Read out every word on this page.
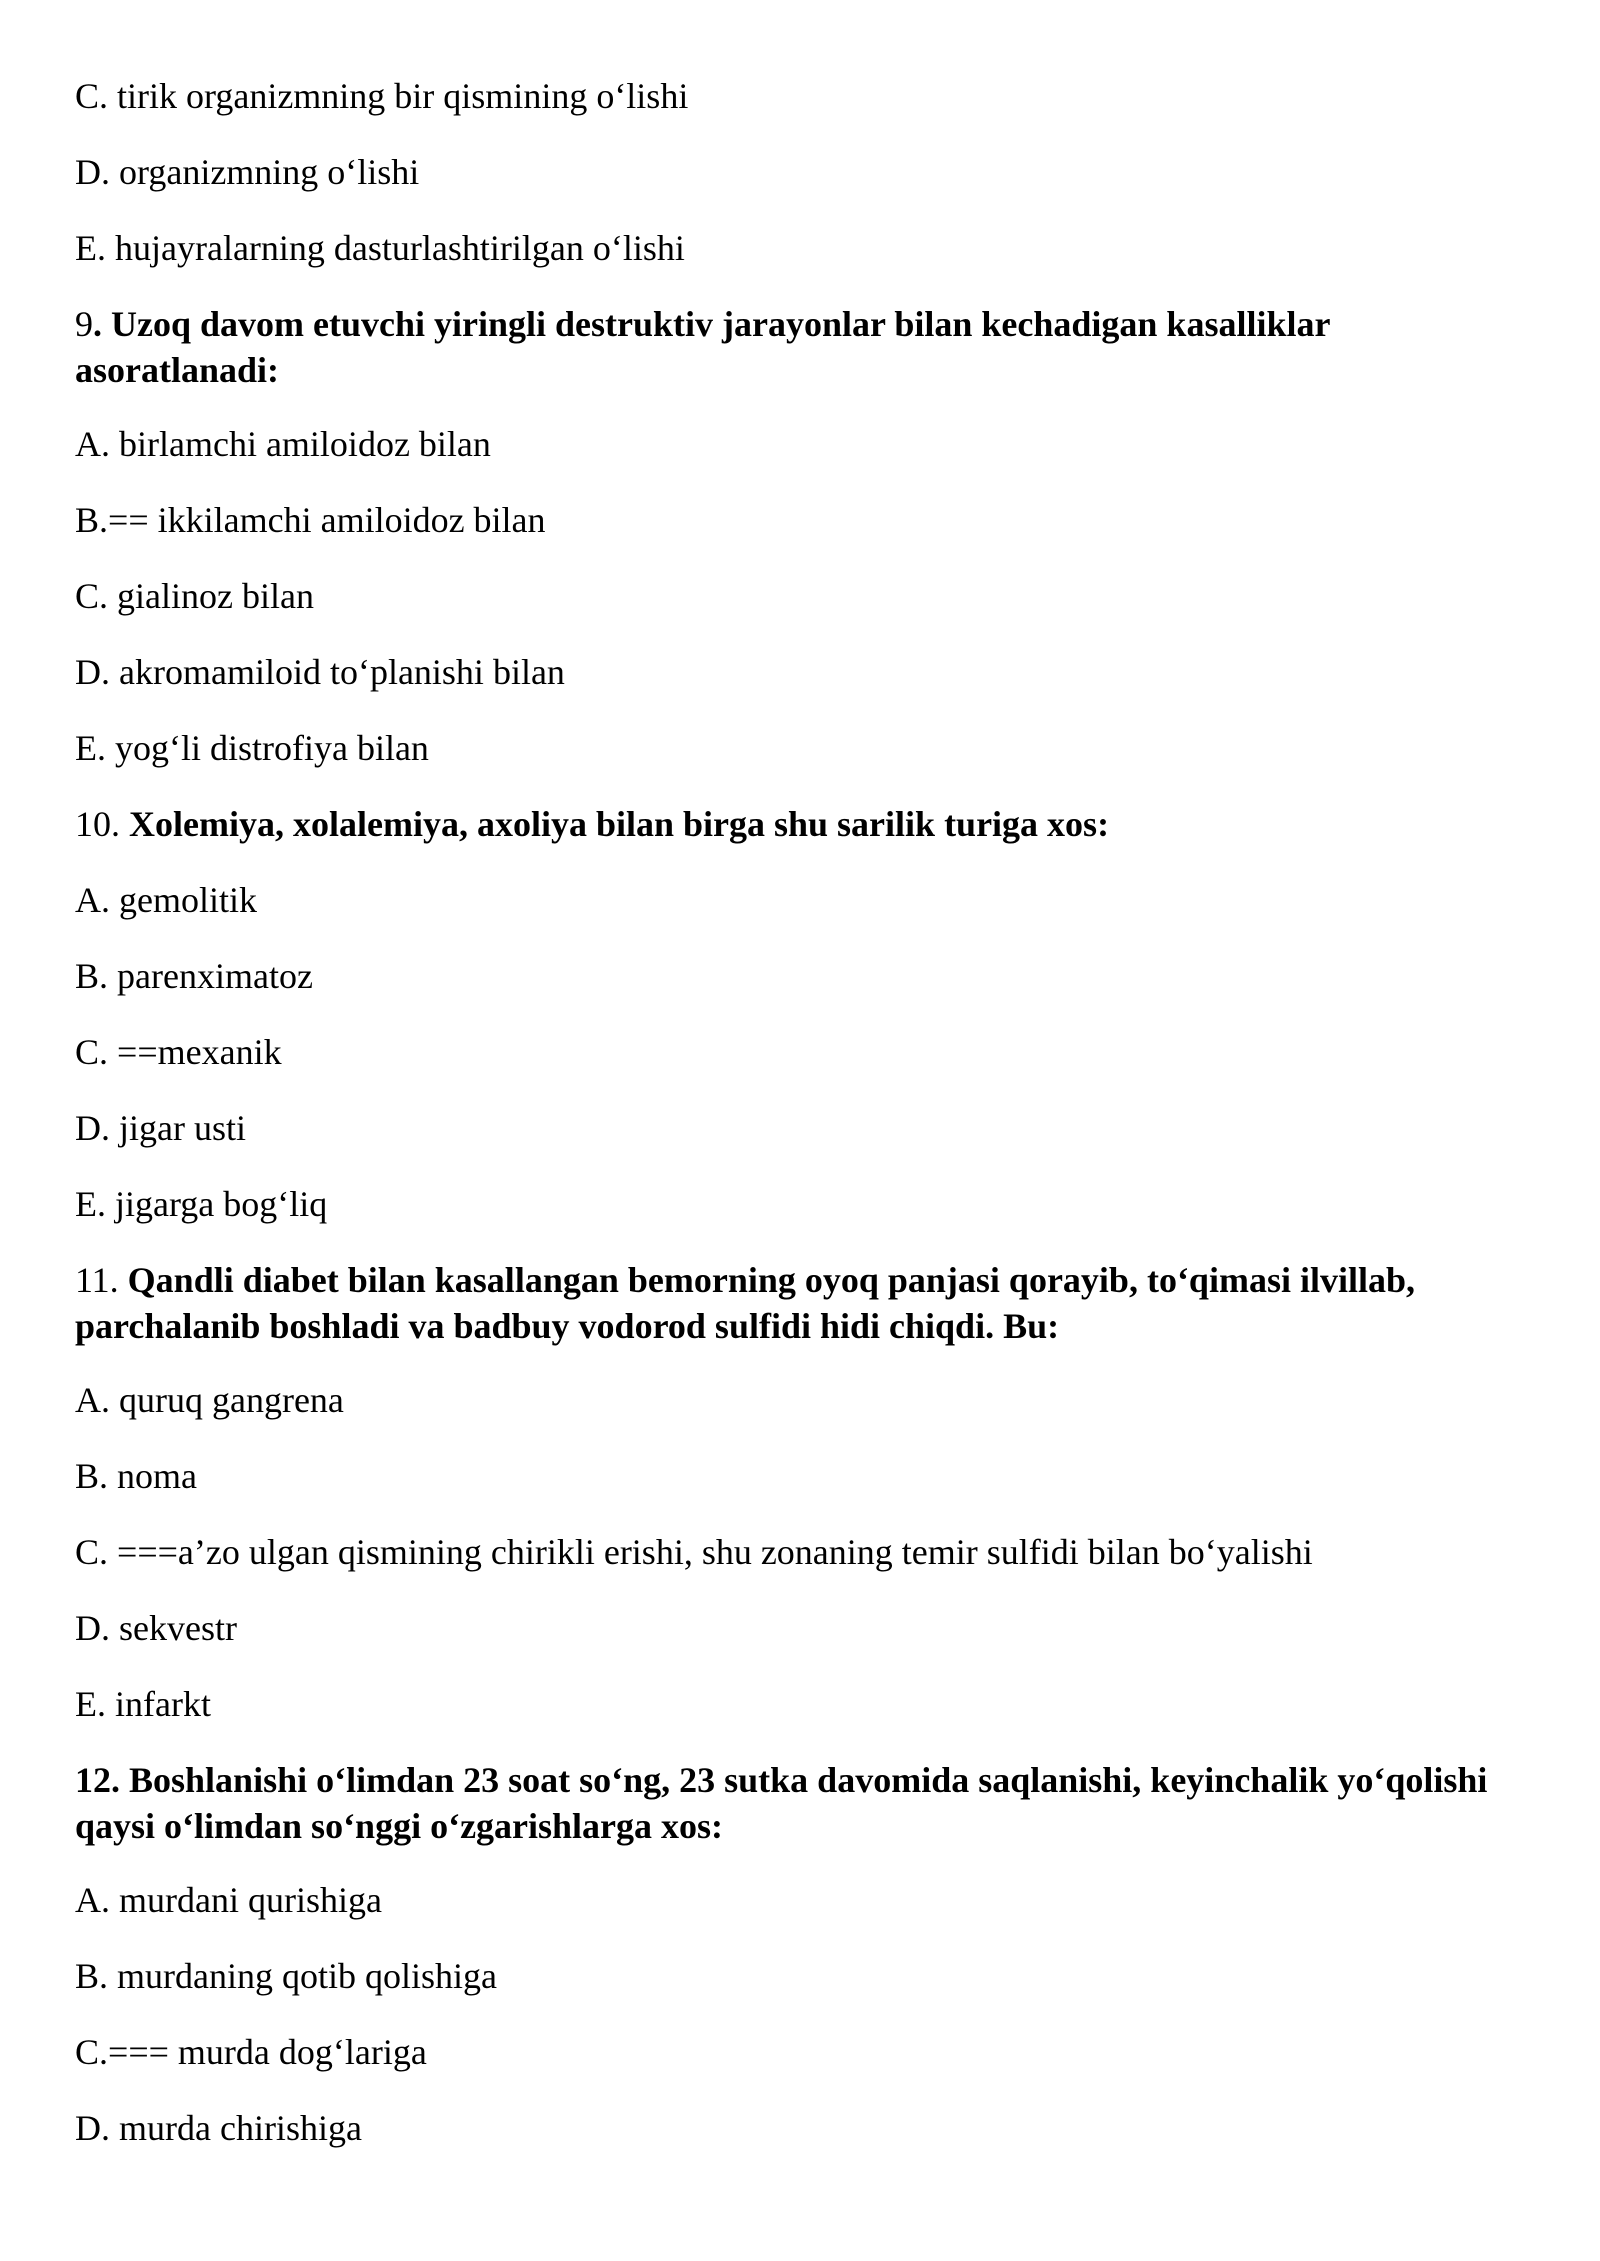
C. tirik organizmning bir qismining o‘lishi
D. organizmning o‘lishi
E. hujayralarning dasturlashtirilgan o‘lishi
9. Uzoq davom etuvchi yiringli destruktiv jarayonlar bilan kechadigan kasalliklar asoratlanadi:
A. birlamchi amiloidoz bilan
B.== ikkilamchi amiloidoz bilan
C. gialinoz bilan
D. akromamiloid to‘planishi bilan
E. yog‘li distrofiya bilan
10. Xolemiya, xolalemiya, axoliya bilan birga shu sarilik turiga xos:
A. gemolitik
B. parenximatoz
C. ==mexanik
D. jigar usti
E. jigarga bog‘liq
11. Qandli diabet bilan kasallangan bemorning oyoq panjasi qorayib, to‘qimasi ilvillab, parchalanib boshladi va badbuy vodorod sulfidi hidi chiqdi. Bu:
A. quruq gangrena
B. noma
C. ===a’zo ulgan qismining chirikli erishi, shu zonaning temir sulfidi bilan bo‘yalishi
D. sekvestr
E. infarkt
12. Boshlanishi o‘limdan 23 soat so‘ng, 23 sutka davomida saqlanishi, keyinchalik yo‘qolishi qaysi o‘limdan so‘nggi o‘zgarishlarga xos:
A. murdani qurishiga
B. murdaning qotib qolishiga
C.=== murda dog‘lariga
D. murda chirishiga
